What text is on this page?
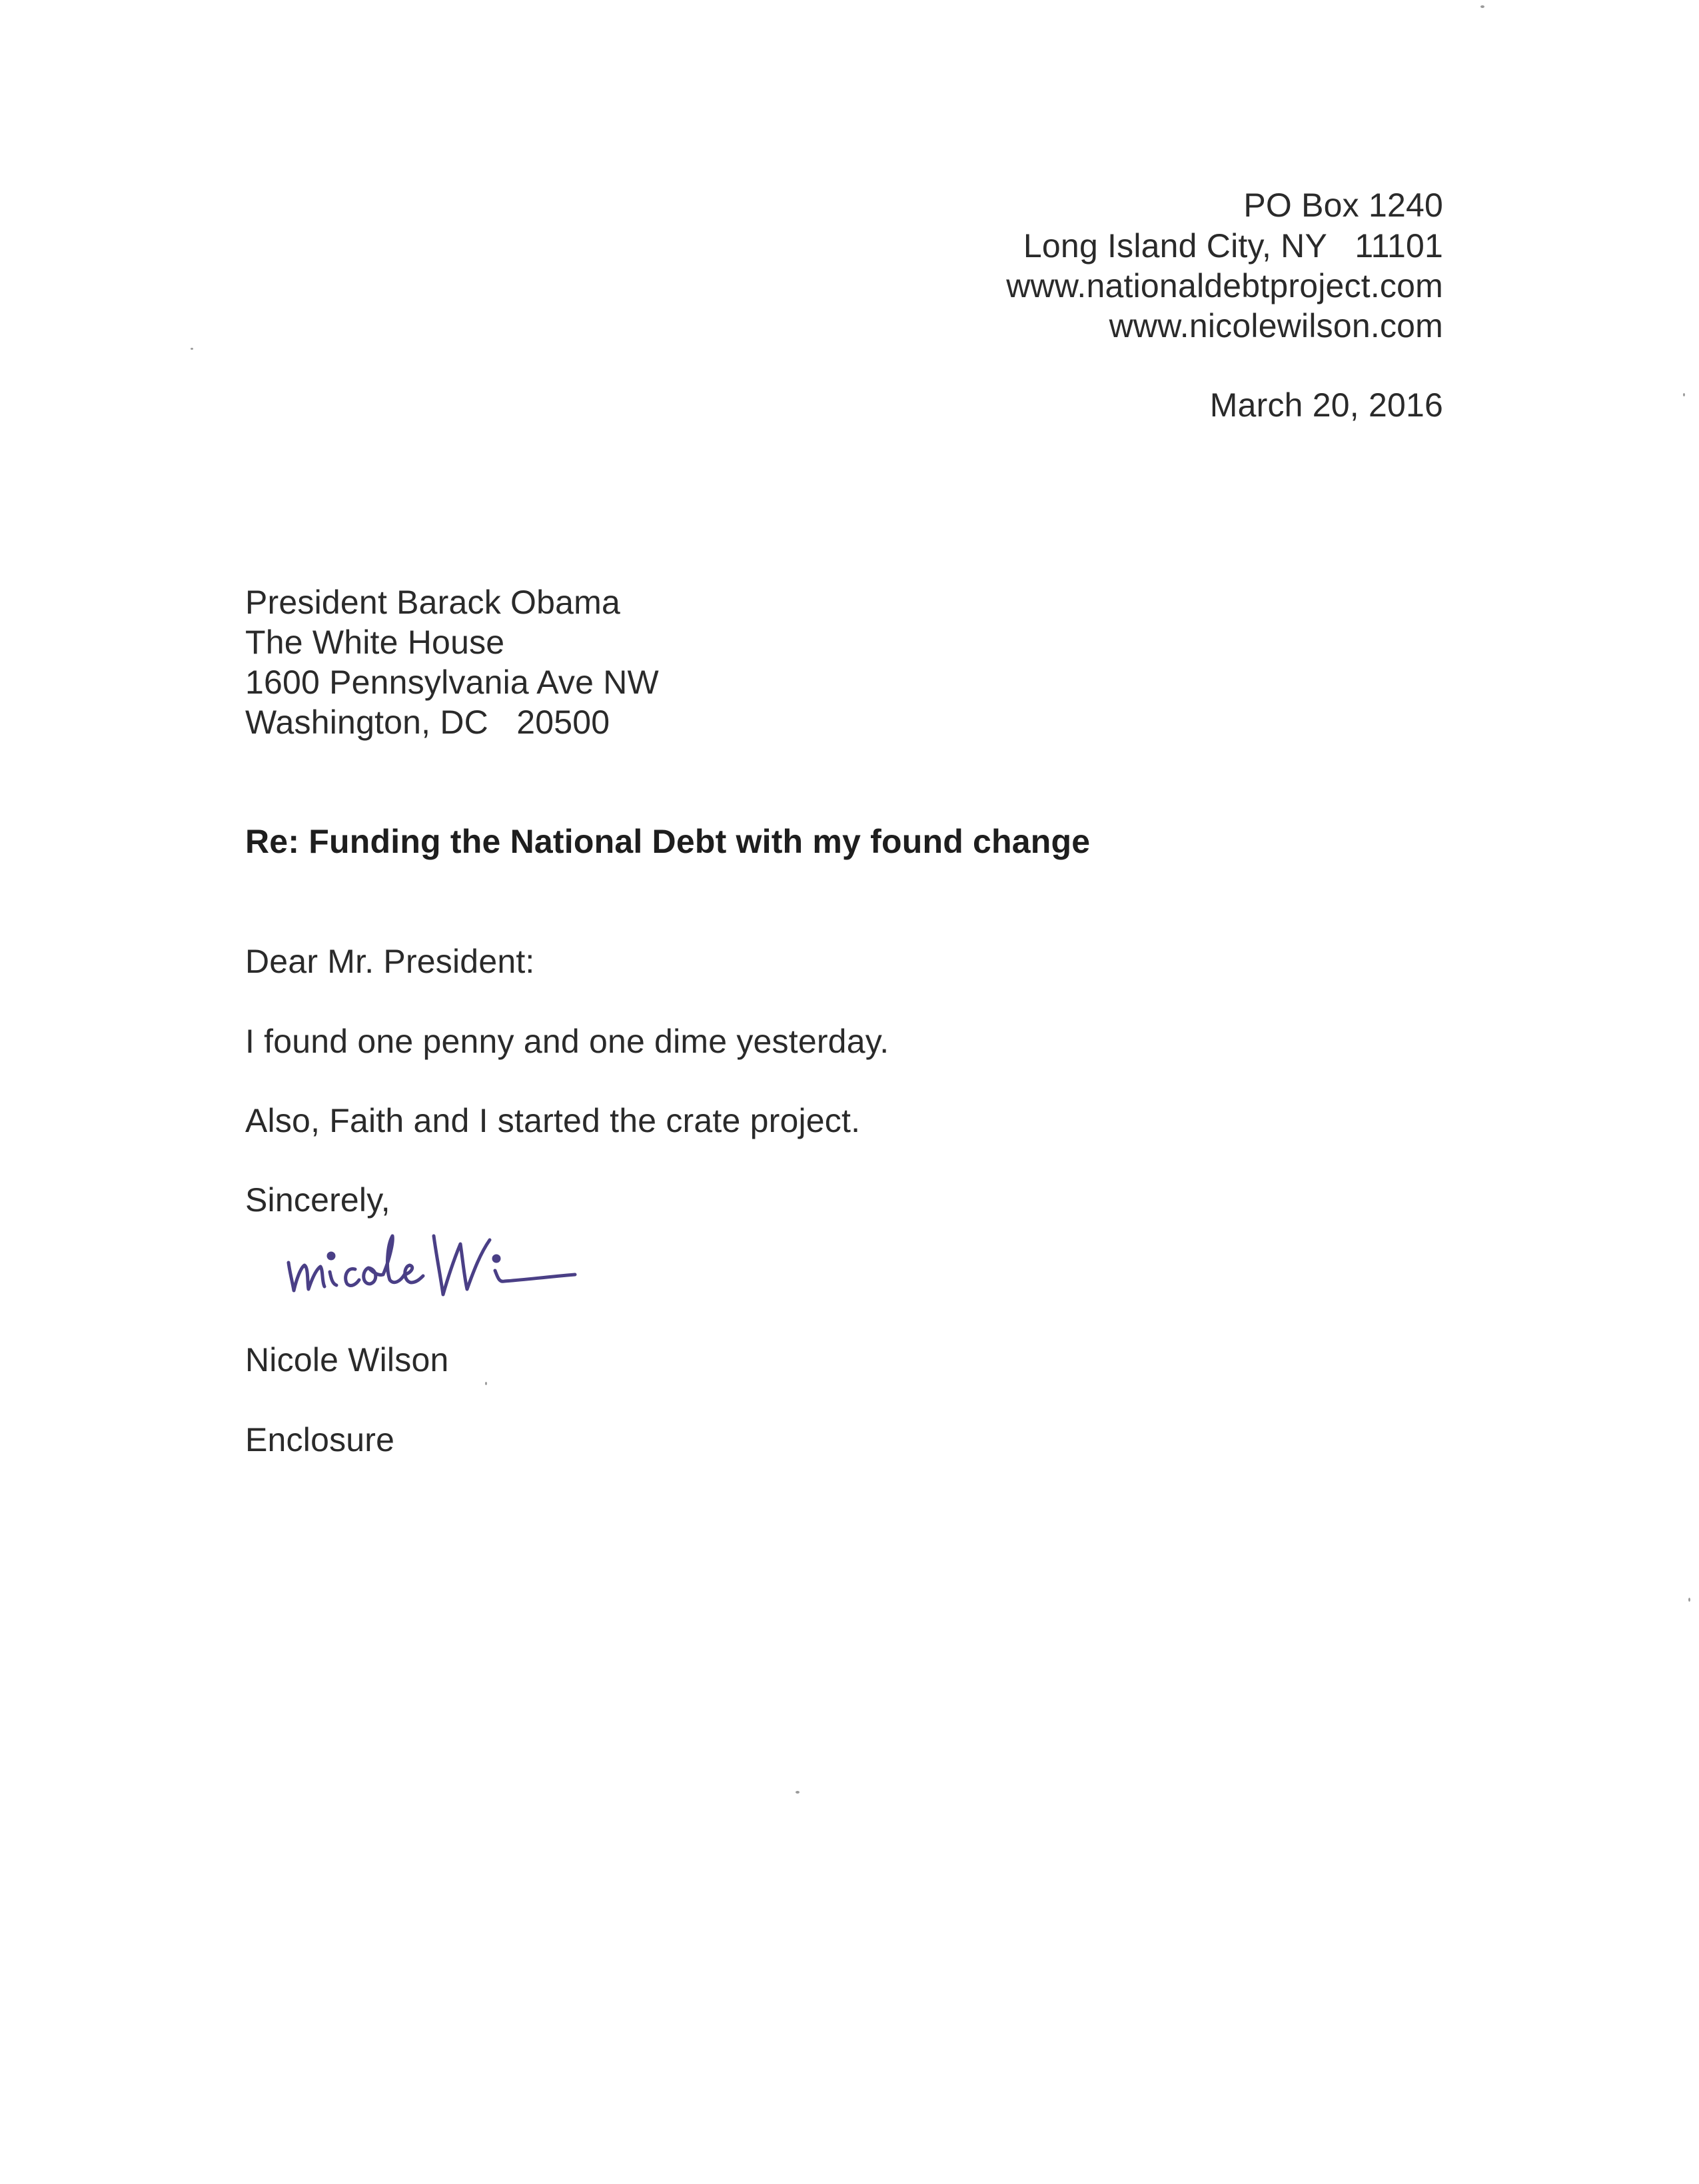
PO Box 1240
Long Island City, NY   11101
www.nationaldebtproject.com
www.nicolewilson.com
March 20, 2016
President Barack Obama
The White House
1600 Pennsylvania Ave NW
Washington, DC   20500
Re: Funding the National Debt with my found change
Dear Mr. President:
I found one penny and one dime yesterday.
Also, Faith and I started the crate project.
Sincerely,
Nicole Wilson
Enclosure
